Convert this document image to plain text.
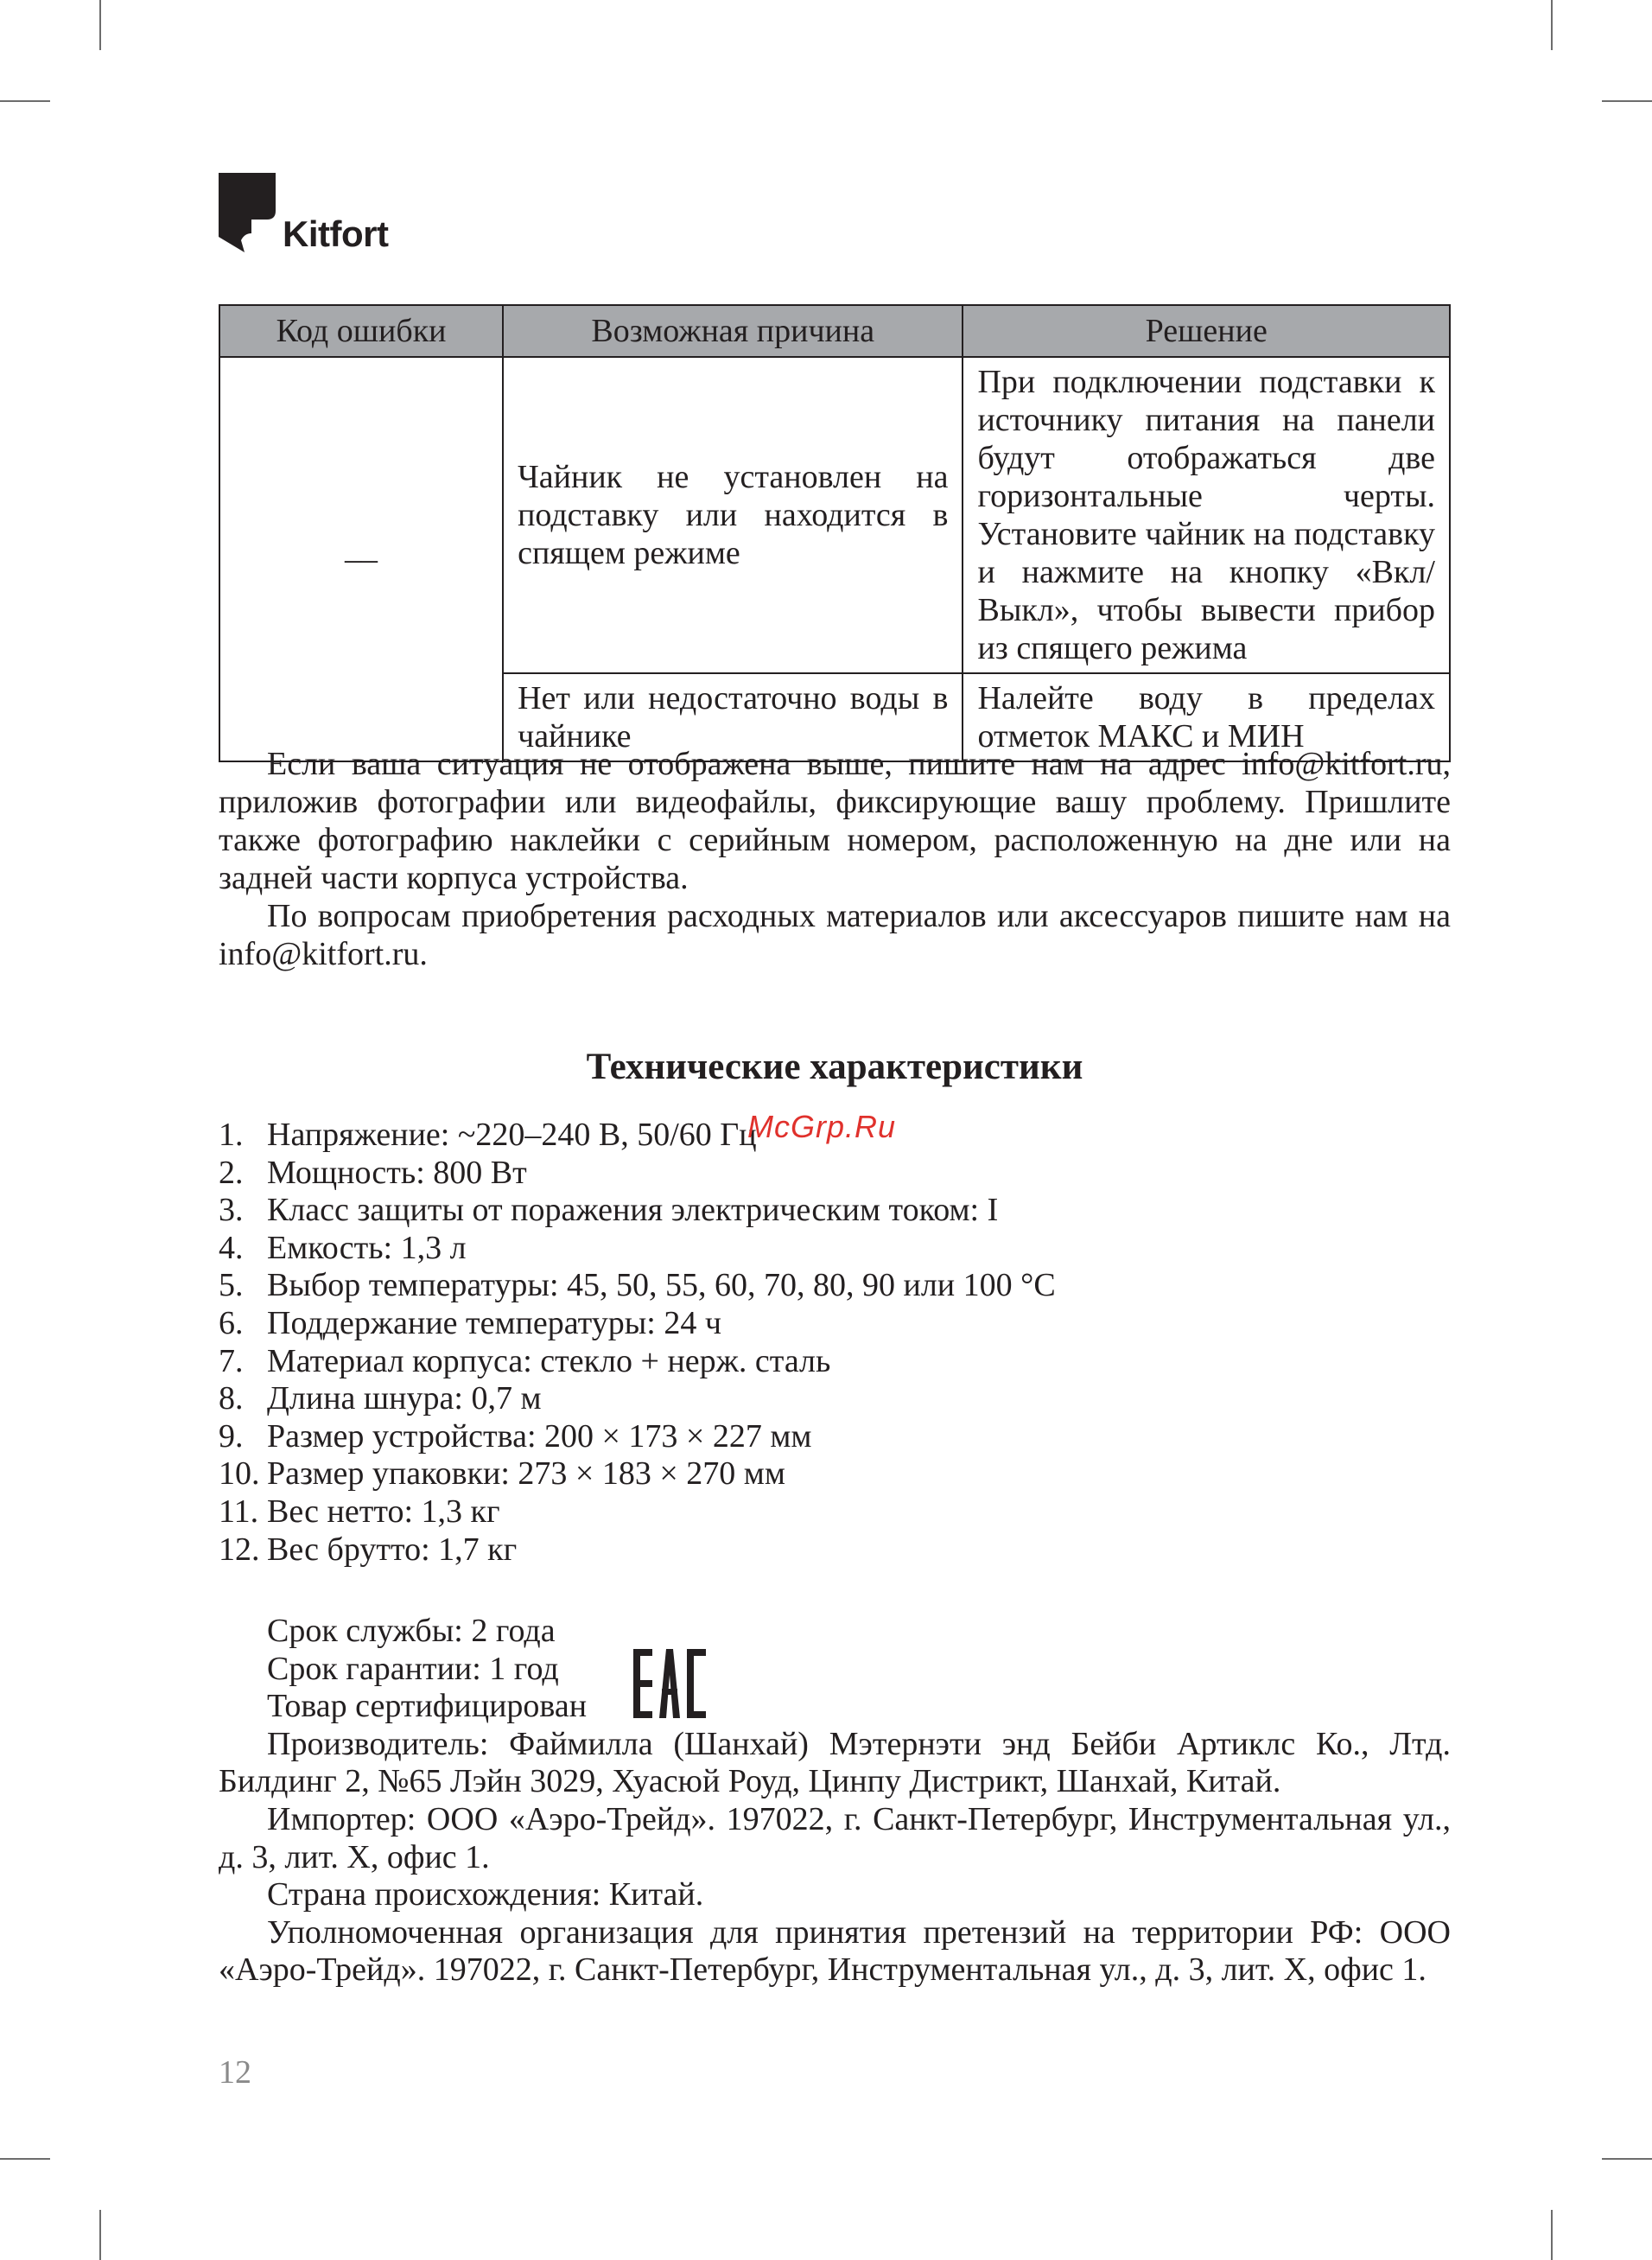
Kitfort
Код ошибки	Возможная причина	Решение
––	Чайник не установлен на подставку или находится в спящем режиме	При подключении подставки к источнику питания на панели будут отображаться две горизонтальные черты. Установите чайник на подставку и нажмите на кнопку «Вкл/Выкл», чтобы вывести прибор из спящего режима
	Нет или недостаточно воды в чайнике	Налейте воду в пределах отметок МАКС и МИН

Если ваша ситуация не отображена выше, пишите нам на адрес info@kitfort.ru, приложив фотографии или видеофайлы, фиксирующие вашу проблему. Пришлите также фотографию наклейки с серийным номером, расположенную на дне или на задней части корпуса устройства.

По вопросам приобретения расходных материалов или аксессуаров пишите нам на info@kitfort.ru.

Технические характеристики
1. Напряжение: ~220–240 В, 50/60 Гц
2. Мощность: 800 Вт
3. Класс защиты от поражения электрическим током: I
4. Емкость: 1,3 л
5. Выбор температуры: 45, 50, 55, 60, 70, 80, 90 или 100 °С
6. Поддержание температуры: 24 ч
7. Материал корпуса: стекло + нерж. сталь
8. Длина шнура: 0,7 м
9. Размер устройства: 200 × 173 × 227 мм
10. Размер упаковки: 273 × 183 × 270 мм
11. Вес нетто: 1,3 кг
12. Вес брутто: 1,7 кг
McGrp.Ru
Срок службы: 2 года
Срок гарантии: 1 год
Товар сертифицирован

Производитель: Файмилла (Шанхай) Мэтернэти энд Бейби Артиклс Ко., Лтд. Билдинг 2, №65 Лэйн 3029, Хуасюй Роуд, Цинпу Дистрикт, Шанхай, Китай.

Импортер: ООО «Аэро-Трейд». 197022, г. Санкт-Петербург, Инструментальная ул., д. 3, лит. Х, офис 1.

Страна происхождения: Китай.

Уполномоченная организация для принятия претензий на территории РФ: ООО «Аэро-Трейд». 197022, г. Санкт-Петербург, Инструментальная ул., д. 3, лит. Х, офис 1.

12
